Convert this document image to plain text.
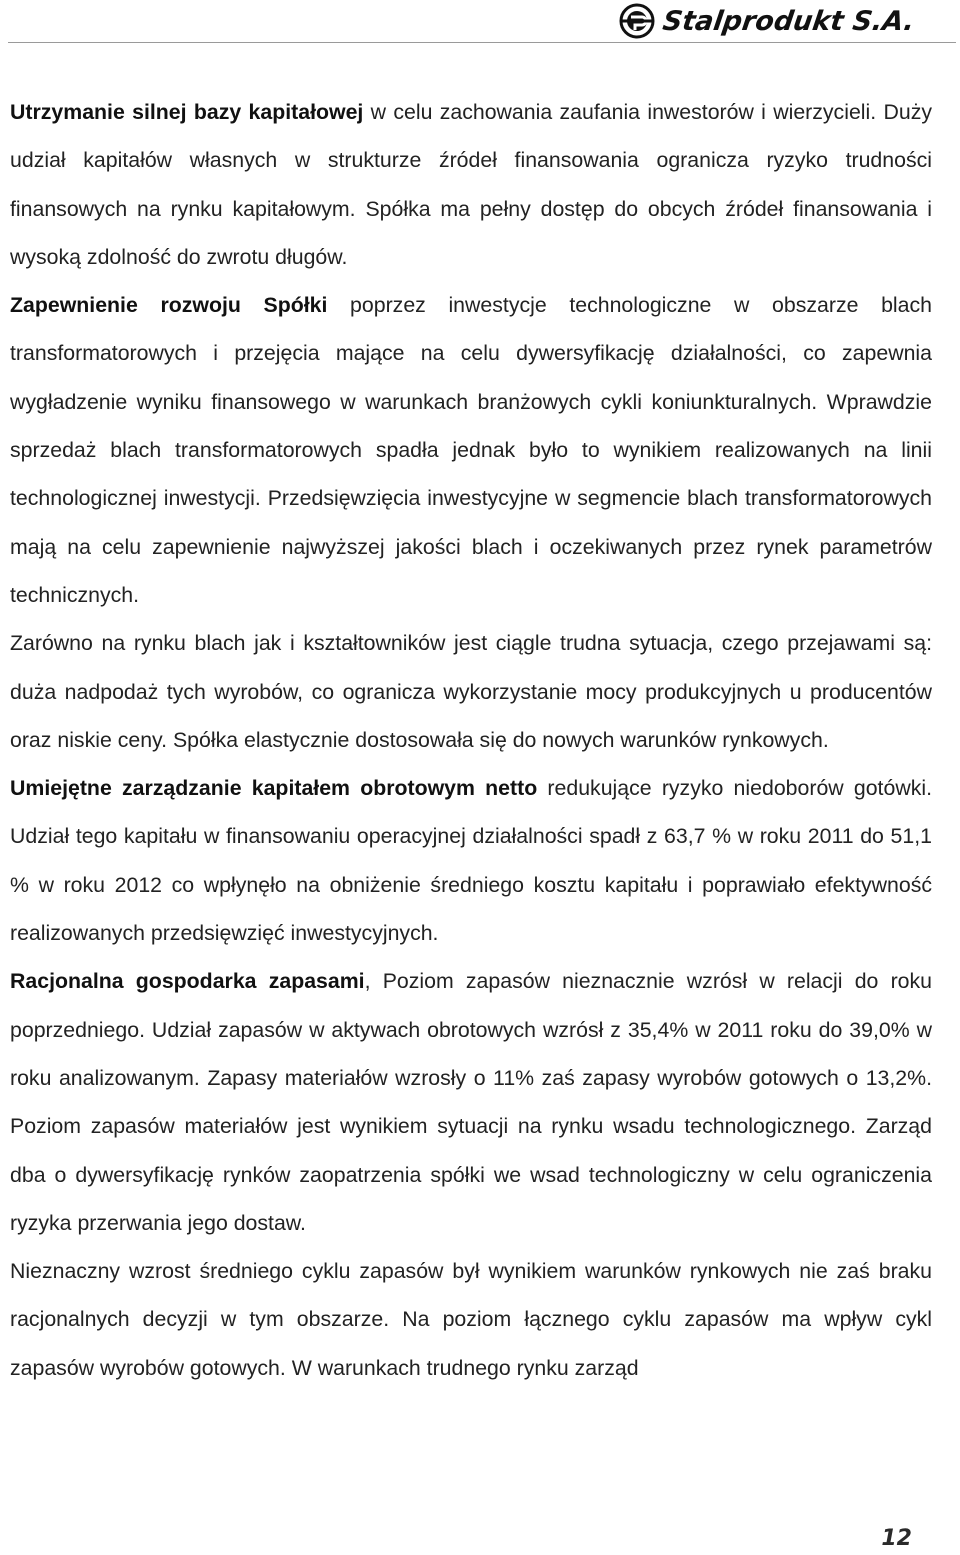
Stalprodukt S.A.

Utrzymanie silnej bazy kapitałowej w celu zachowania zaufania inwestorów i wierzycieli. Duży udział kapitałów własnych w strukturze źródeł finansowania ogranicza ryzyko trudności finansowych na rynku kapitałowym. Spółka ma pełny dostęp do obcych źródeł finansowania i wysoką zdolność do zwrotu długów.

Zapewnienie rozwoju Spółki poprzez inwestycje technologiczne w obszarze blach transformatorowych i przejęcia mające na celu dywersyfikację działalności, co zapewnia wygładzenie wyniku finansowego w warunkach branżowych cykli koniunkturalnych. Wprawdzie sprzedaż blach transformatorowych spadła jednak było to wynikiem realizowanych na linii technologicznej inwestycji. Przedsięwzięcia inwestycyjne w segmencie blach transformatorowych mają na celu zapewnienie najwyższej jakości blach i oczekiwanych przez rynek parametrów technicznych.

Zarówno na rynku blach jak i kształtowników jest ciągle trudna sytuacja, czego przejawami są: duża nadpodaż tych wyrobów, co ogranicza wykorzystanie mocy produkcyjnych u producentów oraz niskie ceny. Spółka elastycznie dostosowała się do nowych warunków rynkowych.

Umiejętne zarządzanie kapitałem obrotowym netto redukujące ryzyko niedoborów gotówki. Udział tego kapitału w finansowaniu operacyjnej działalności spadł z 63,7 % w roku 2011 do 51,1 % w roku 2012 co wpłynęło na obniżenie średniego kosztu kapitału i poprawiało efektywność realizowanych przedsięwzięć inwestycyjnych.

Racjonalna gospodarka zapasami, Poziom zapasów nieznacznie wzrósł w relacji do roku poprzedniego. Udział zapasów w aktywach obrotowych wzrósł z 35,4% w 2011 roku do 39,0% w roku analizowanym. Zapasy materiałów wzrosły o 11% zaś zapasy wyrobów gotowych o 13,2%. Poziom zapasów materiałów jest wynikiem sytuacji na rynku wsadu technologicznego. Zarząd dba o dywersyfikację rynków zaopatrzenia spółki we wsad technologiczny w celu ograniczenia ryzyka przerwania jego dostaw.

Nieznaczny wzrost średniego cyklu zapasów był wynikiem warunków rynkowych nie zaś braku racjonalnych decyzji w tym obszarze. Na poziom łącznego cyklu zapasów ma wpływ cykl zapasów wyrobów gotowych. W warunkach trudnego rynku zarząd

12
